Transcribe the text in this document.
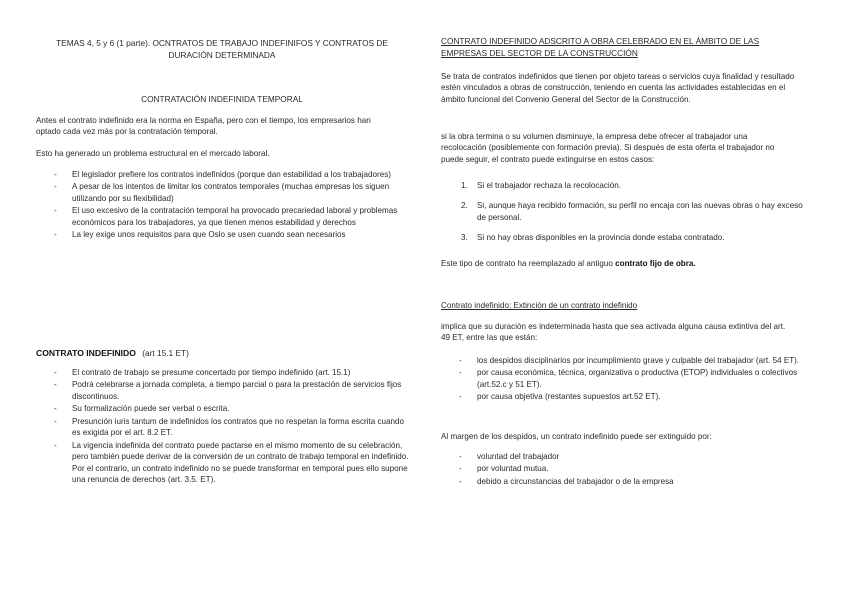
TEMAS 4, 5 y 6 (1 parte). OCNTRATOS DE TRABAJO INDEFINIFOS Y CONTRATOS DE DURACIÓN DETERMINADA
CONTRATACIÓN INDEFINIDA TEMPORAL

Antes el contrato indefinido era la norma en España, pero con el tiempo, los empresarios han optado cada vez más por la contratación temporal.

Esto ha generado un problema estructural en el mercado laboral.

- El legislador prefiere los contratos indefinidos (porque dan estabilidad a los trabajadores)
- A pesar de los intentos de limitar los contratos temporales (muchas empresas los siguen utilizando por su flexibilidad)
- El uso excesivo de la contratación temporal ha provocado precariedad laboral y problemas económicos para los trabajadores, ya que tienen menos estabilidad y derechos
- La ley exige unos requisitos para que Oslo se usen cuando sean necesarios
CONTRATO INDEFINIDO (art 15.1 ET)
- El contrato de trabajo se presume concertado por tiempo indefinido (art. 15.1)
- Podrá celebrarse a jornada completa, a tiempo parcial o para la prestación de servicios fijos discontinuos.
- Su formalización puede ser verbal o escrita.
- Presunción iuris tantum de indefinidos los contratos que no respetan la forma escrita cuando es exigida por el art. 8.2 ET.
- La vigencia indefinida del contrato puede pactarse en el mismo momento de su celebración, pero también puede derivar de la conversión de un contrato de trabajo temporal en indefinido. Por el contrario, un contrato indefinido no se puede transformar en temporal pues ello supone una renuncia de derechos (art. 3.5. ET).

CONTRATO INDEFINIDO ADSCRITO A OBRA CELEBRADO EN EL ÁMBITO DE LAS EMPRESAS DEL SECTOR DE LA CONSTRUCCIÓN

Se trata de contratos indefinidos que tienen por objeto tareas o servicios cuya finalidad y resultado estén vinculados a obras de construcción, teniendo en cuenta las actividades establecidas en el ámbito funcional del Convenio General del Sector de la Construcción.

si la obra termina o su volumen disminuye, la empresa debe ofrecer al trabajador una recolocación (posiblemente con formación previa). Si después de esta oferta el trabajador no puede seguir, el contrato puede extinguirse en estos casos:

1. Si el trabajador rechaza la recolocación.
2. Si, aunque haya recibido formación, su perfil no encaja con las nuevas obras o hay exceso de personal.
3. Si no hay obras disponibles en la provincia donde estaba contratado.

Este tipo de contrato ha reemplazado al antiguo contrato fijo de obra.

Contrato indefinido: Extinción de un contrato indefinido

implica que su duración es indeterminada hasta que sea activada alguna causa extintiva del art. 49 ET, entre las que están:

- los despidos disciplinarios por incumplimiento grave y culpable del trabajador (art. 54 ET).
- por causa económica, técnica, organizativa o productiva (ETOP) individuales o colectivos (art.52.c y 51 ET).
- por causa objetiva (restantes supuestos art.52 ET).

Al margen de los despidos, un contrato indefinido puede ser extinguido por:

- voluntad del trabajador
- por voluntad mutua.
- debido a circunstancias del trabajador o de la empresa
